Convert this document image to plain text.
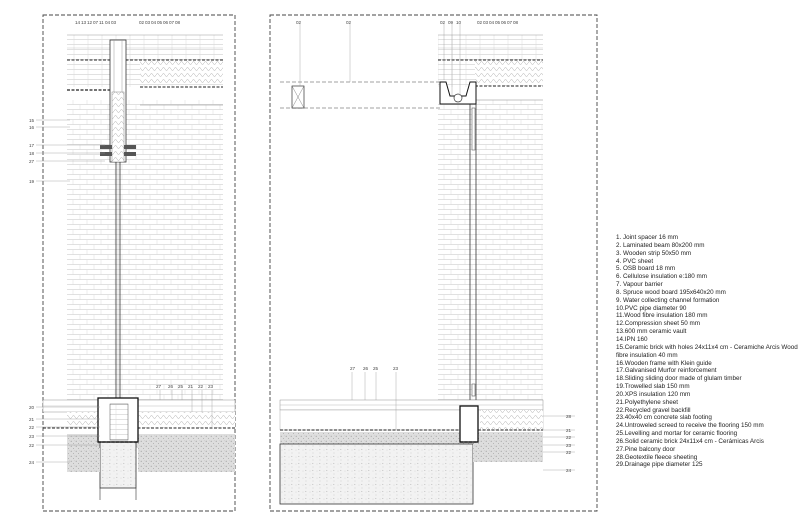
14 13 12 07 11 04 03	02 03 04 05 06 07 08
15
16
17
18
27
19
20
21
22
23
22
24
27 26 25 21 22 23
02	02	02 09 10	02 03 04 05 06 07 08
27 26 25	23
28
21
22
23
22
24
1. Joint spacer 16 mm
2. Laminated beam 80x200 mm
3. Wooden strip 50x50 mm
4. PVC sheet
5. OSB board 18 mm
6. Cellulose insulation e:180 mm
7. Vapour barrier
8. Spruce wood board 195x640x20 mm
9. Water collecting channel formation
10.PVC pipe diameter 90
11.Wood fibre insulation 180 mm
12.Compression sheet 50 mm
13.600 mm ceramic vault
14.IPN 160
15.Ceramic brick with holes 24x11x4 cm - Ceramiche Arcis Wood fibre insulation 40 mm
16.Wooden frame with Klein guide
17.Galvanised Murfor reinforcement
18.Sliding sliding door made of glulam timber
19.Trowelled slab 150 mm
20.XPS insulation 120 mm
21.Polyethylene sheet
22.Recycled gravel backfill
23.40x40 cm concrete slab footing
24.Untroweled screed to receive the flooring 150 mm
25.Levelling and mortar for ceramic flooring
26.Solid ceramic brick 24x11x4 cm - Cerámicas Arcis
27.Pine balcony door
28.Geotextile fleece sheeting
29.Drainage pipe diameter 125
